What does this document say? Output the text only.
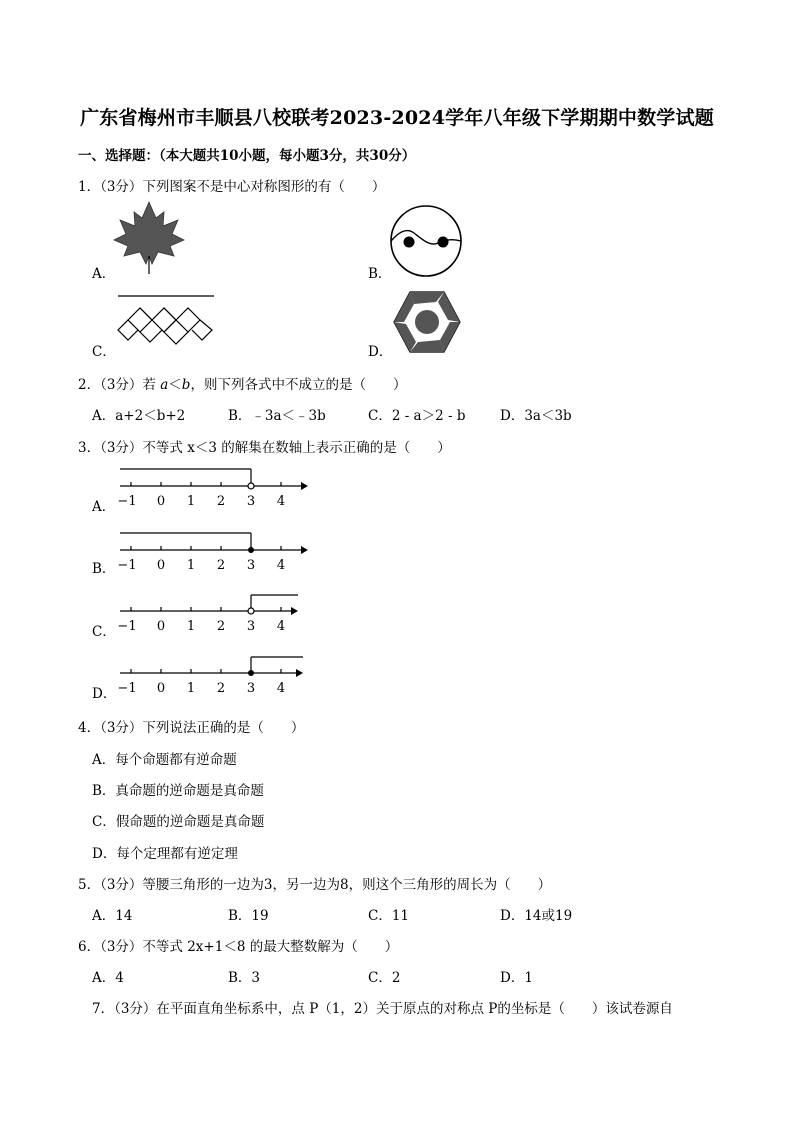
广东省梅州市丰顺县八校联考2023-2024学年八年级下学期期中数学试题
一、选择题：（本大题共10小题，每小题3分，共30分）
1．（3分）下列图案不是中心对称图形的有（　　）
A．	B．
C．	D．
2．（3分）若 a＜b，则下列各式中不成立的是（　　）
A．a+2＜b+2	B．﹣3a＜﹣3b	C．2 - a＞2 - b	D．3a＜3b
3．（3分）不等式 x＜3 的解集在数轴上表示正确的是（　　）
A． −1 0 1 2 3 4
B． −1 0 1 2 3 4
C． −1 0 1 2 3 4
D． −1 0 1 2 3 4
4．（3分）下列说法正确的是（　　）
A．每个命题都有逆命题
B．真命题的逆命题是真命题
C．假命题的逆命题是真命题
D．每个定理都有逆定理
5．（3分）等腰三角形的一边为3，另一边为8，则这个三角形的周长为（　　）
A．14	B．19	C．11	D．14或19
6．（3分）不等式 2x+1＜8 的最大整数解为（　　）
A．4	B．3	C．2	D．1
7．（3分）在平面直角坐标系中，点 P（1，2）关于原点的对称点 P的坐标是（　　）该试卷源自
